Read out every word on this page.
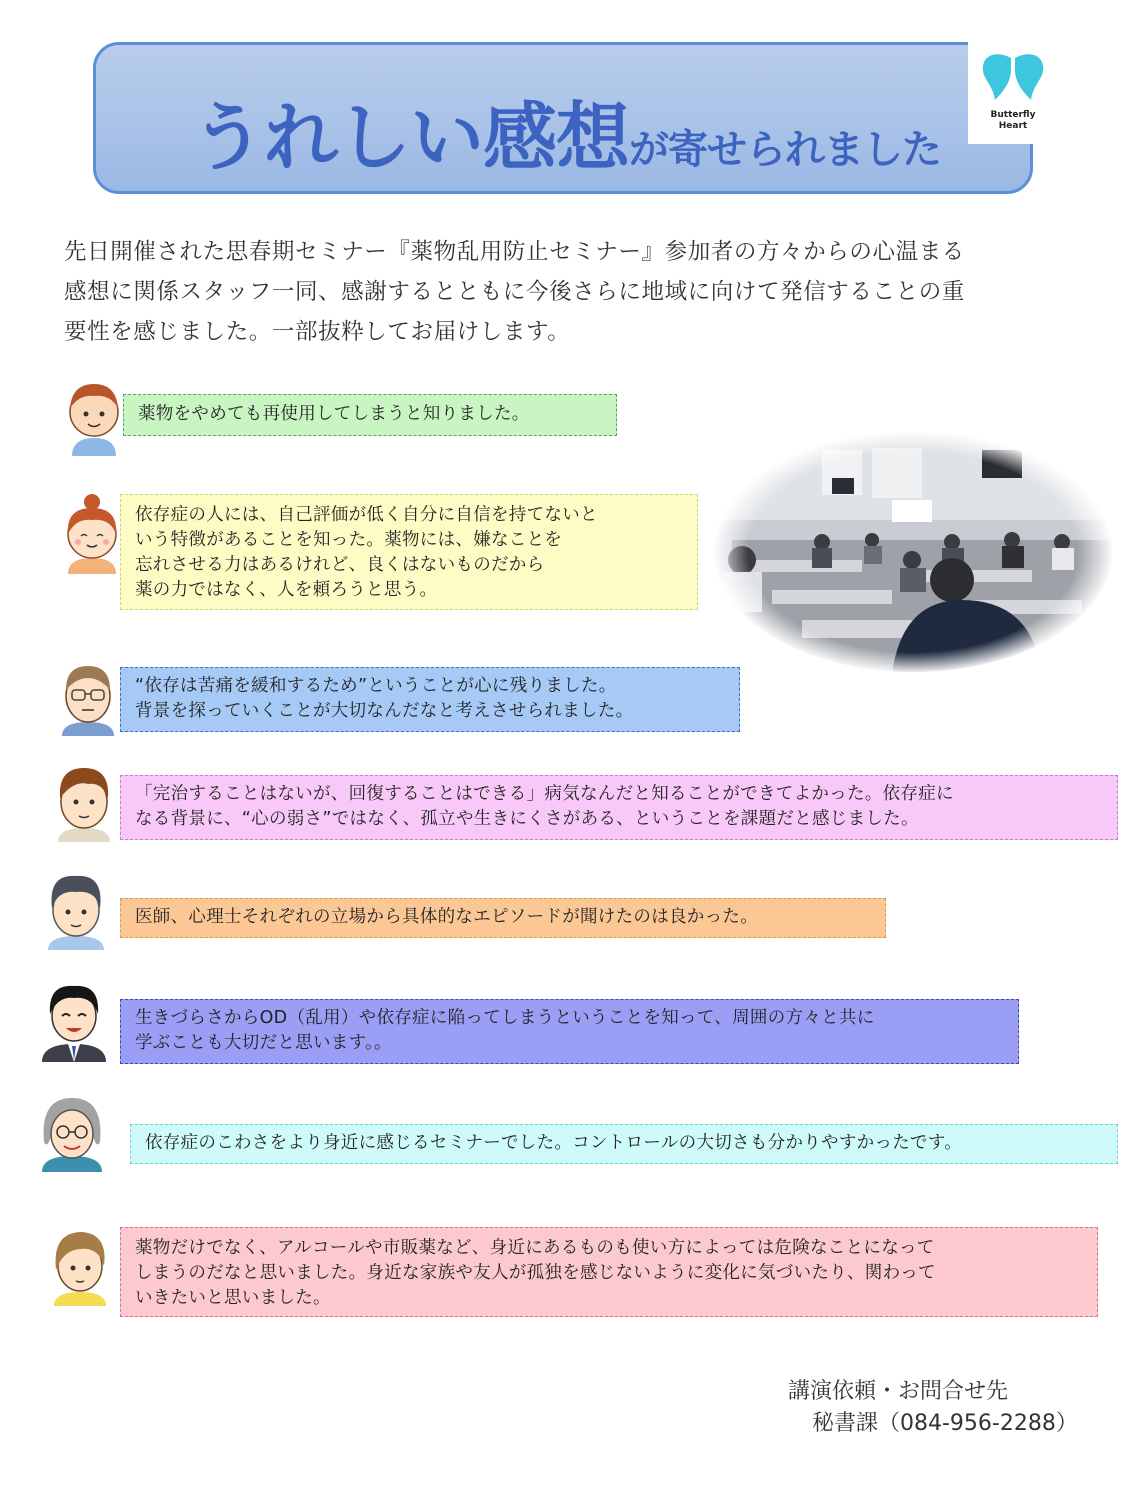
うれしい感想が寄せられました
Butterfly
Heart
先日開催された思春期セミナー『薬物乱用防止セミナー』参加者の方々からの心温まる
感想に関係スタッフ一同、感謝するとともに今後さらに地域に向けて発信することの重
要性を感じました。一部抜粋してお届けします。
薬物をやめても再使用してしまうと知りました。
依存症の人には、自己評価が低く自分に自信を持てないと
いう特徴があることを知った。薬物には、嫌なことを
忘れさせる力はあるけれど、良くはないものだから
薬の力ではなく、人を頼ろうと思う。
“依存は苦痛を緩和するため”ということが心に残りました。
背景を探っていくことが大切なんだなと考えさせられました。
「完治することはないが、回復することはできる」病気なんだと知ることができてよかった。依存症に
なる背景に、“心の弱さ”ではなく、孤立や生きにくさがある、ということを課題だと感じました。
医師、心理士それぞれの立場から具体的なエピソードが聞けたのは良かった。
生きづらさからOD（乱用）や依存症に陥ってしまうということを知って、周囲の方々と共に
学ぶことも大切だと思います。。
依存症のこわさをより身近に感じるセミナーでした。コントロールの大切さも分かりやすかったです。
薬物だけでなく、アルコールや市販薬など、身近にあるものも使い方によっては危険なことになって
しまうのだなと思いました。身近な家族や友人が孤独を感じないように変化に気づいたり、関わって
いきたいと思いました。
講演依頼・お問合せ先
秘書課（084-956-2288）
